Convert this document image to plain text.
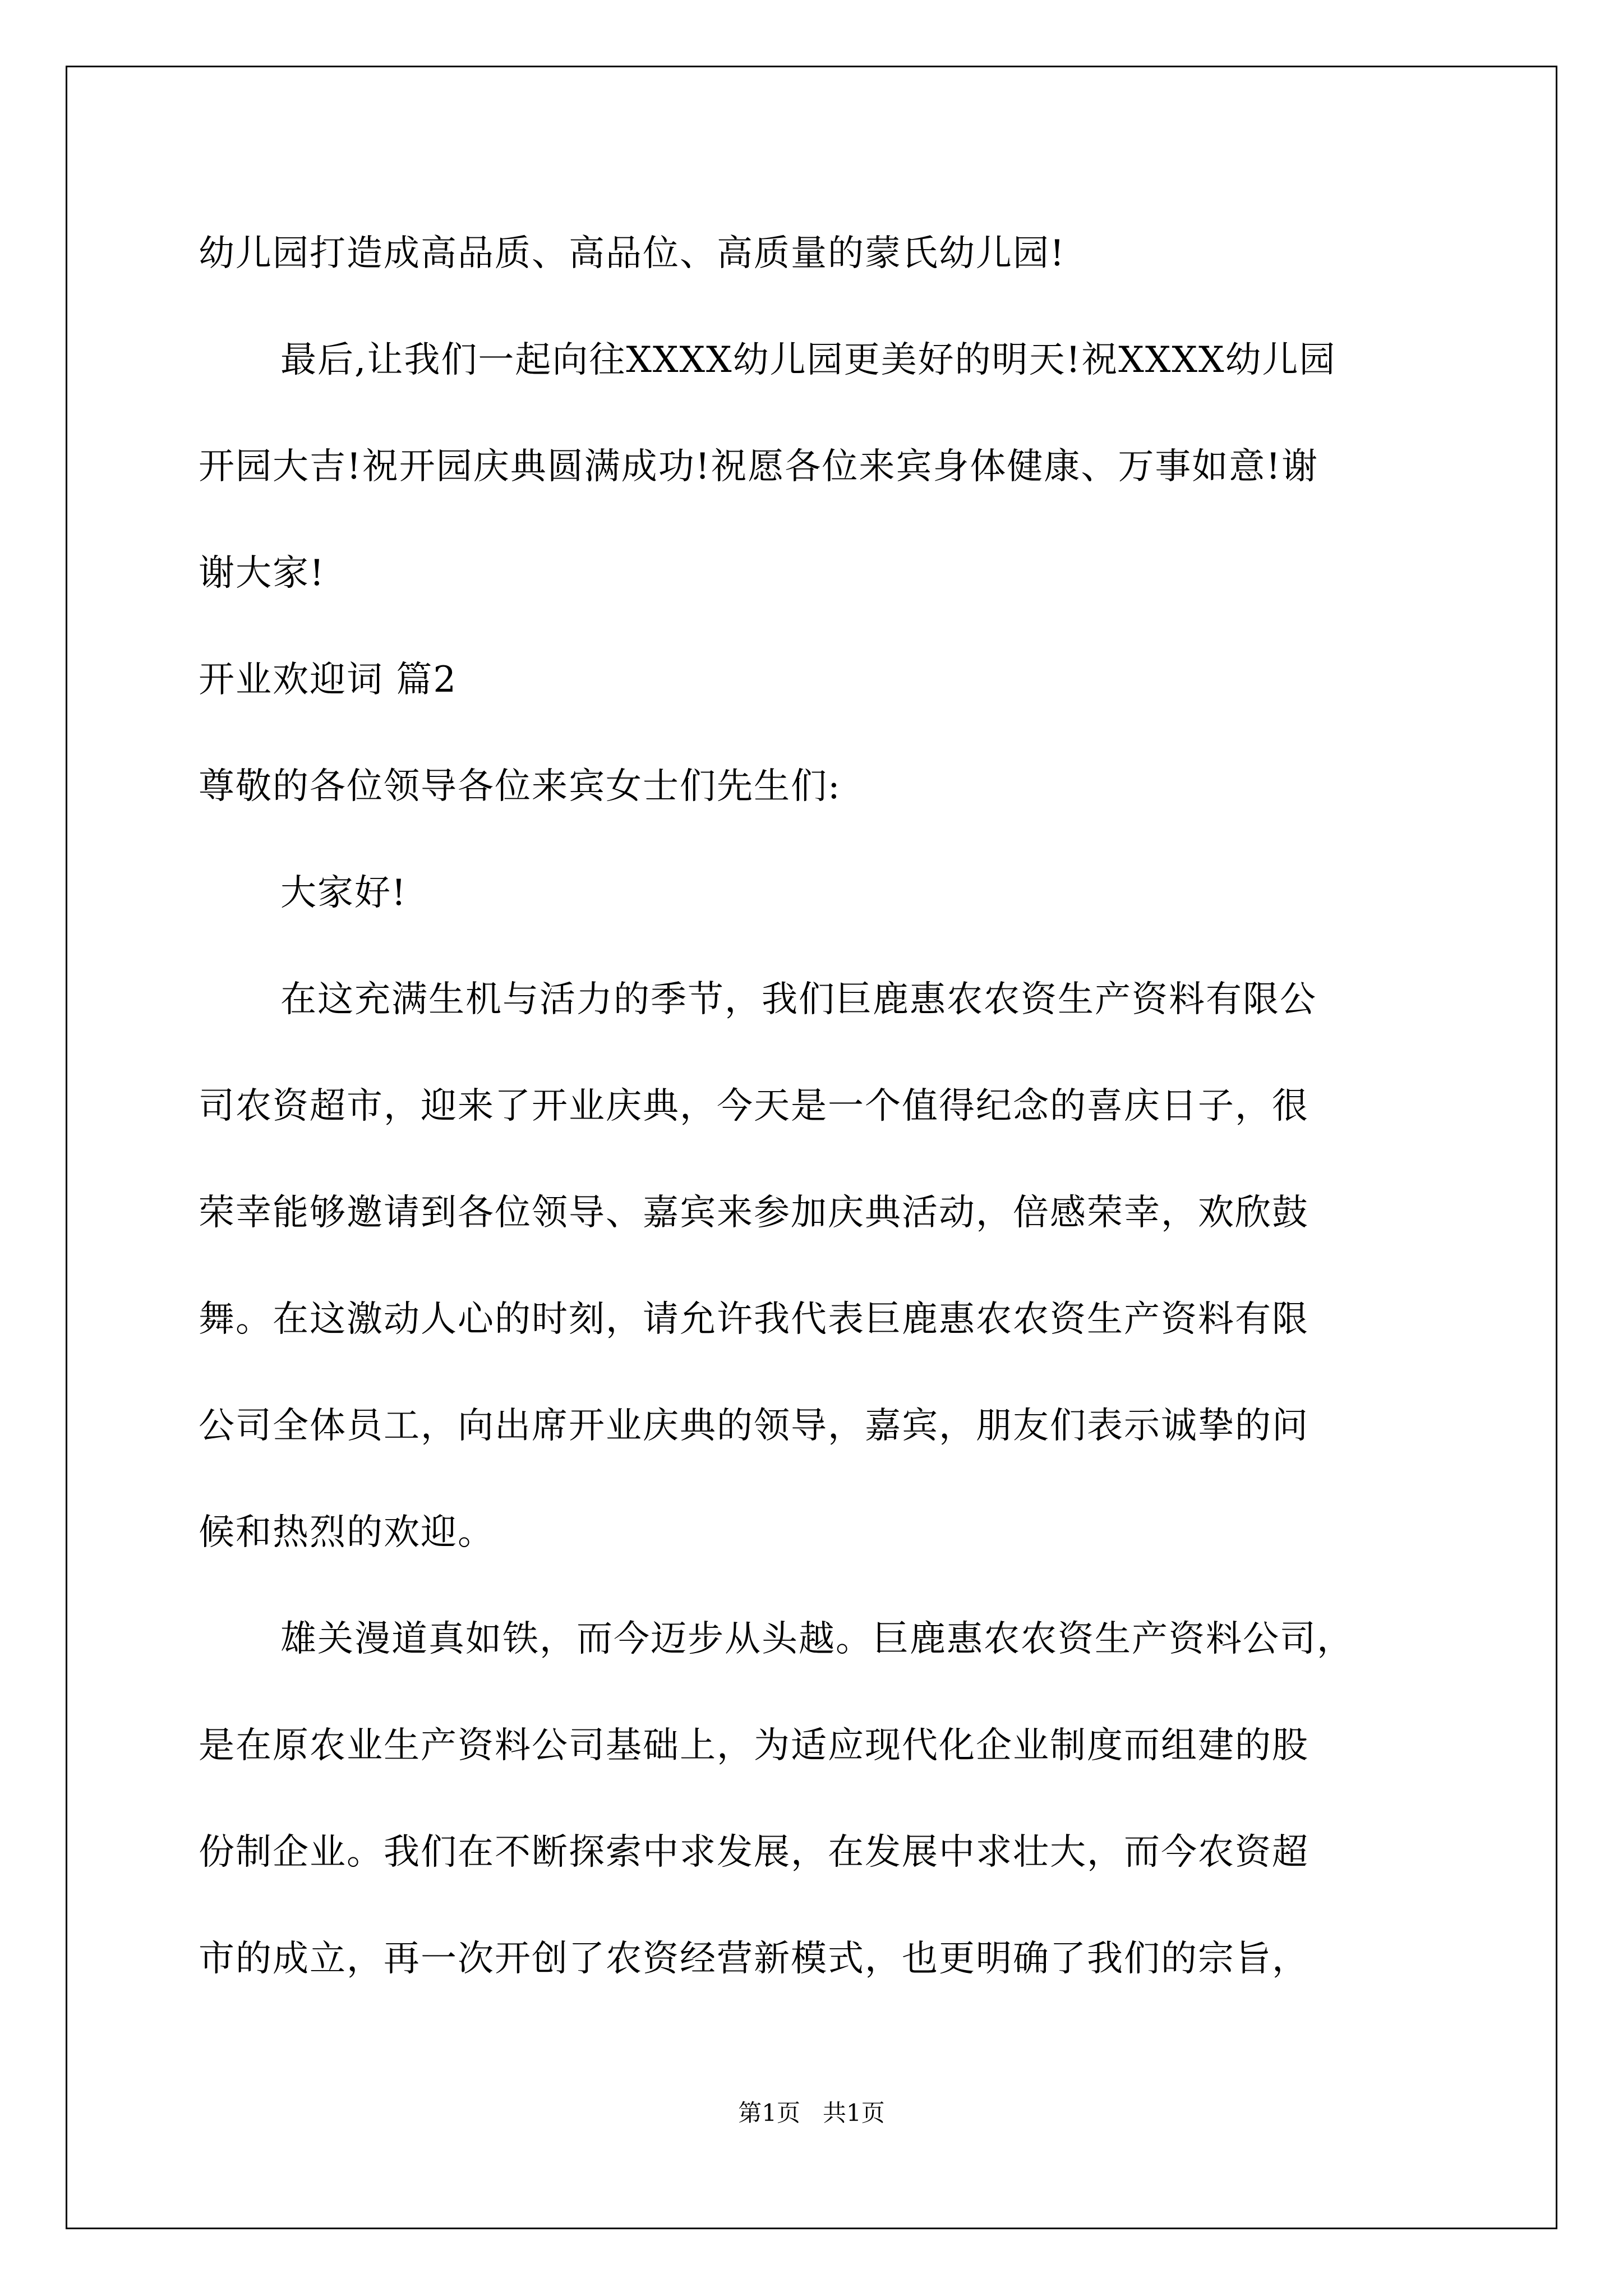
幼儿园打造成高品质、高品位、高质量的蒙氏幼儿园!
最后,让我们一起向往XXXX幼儿园更美好的明天!祝XXXX幼儿园
开园大吉!祝开园庆典圆满成功!祝愿各位来宾身体健康、万事如意!谢
谢大家!
开业欢迎词 篇2
尊敬的各位领导各位来宾女士们先生们:
大家好!
在这充满生机与活力的季节，我们巨鹿惠农农资生产资料有限公
司农资超市，迎来了开业庆典，今天是一个值得纪念的喜庆日子，很
荣幸能够邀请到各位领导、嘉宾来参加庆典活动，倍感荣幸，欢欣鼓
舞。在这激动人心的时刻，请允许我代表巨鹿惠农农资生产资料有限
公司全体员工，向出席开业庆典的领导，嘉宾，朋友们表示诚挚的问
候和热烈的欢迎。
雄关漫道真如铁，而今迈步从头越。巨鹿惠农农资生产资料公司，
是在原农业生产资料公司基础上，为适应现代化企业制度而组建的股
份制企业。我们在不断探索中求发展，在发展中求壮大，而今农资超
市的成立，再一次开创了农资经营新模式，也更明确了我们的宗旨，
第1页   共1页
